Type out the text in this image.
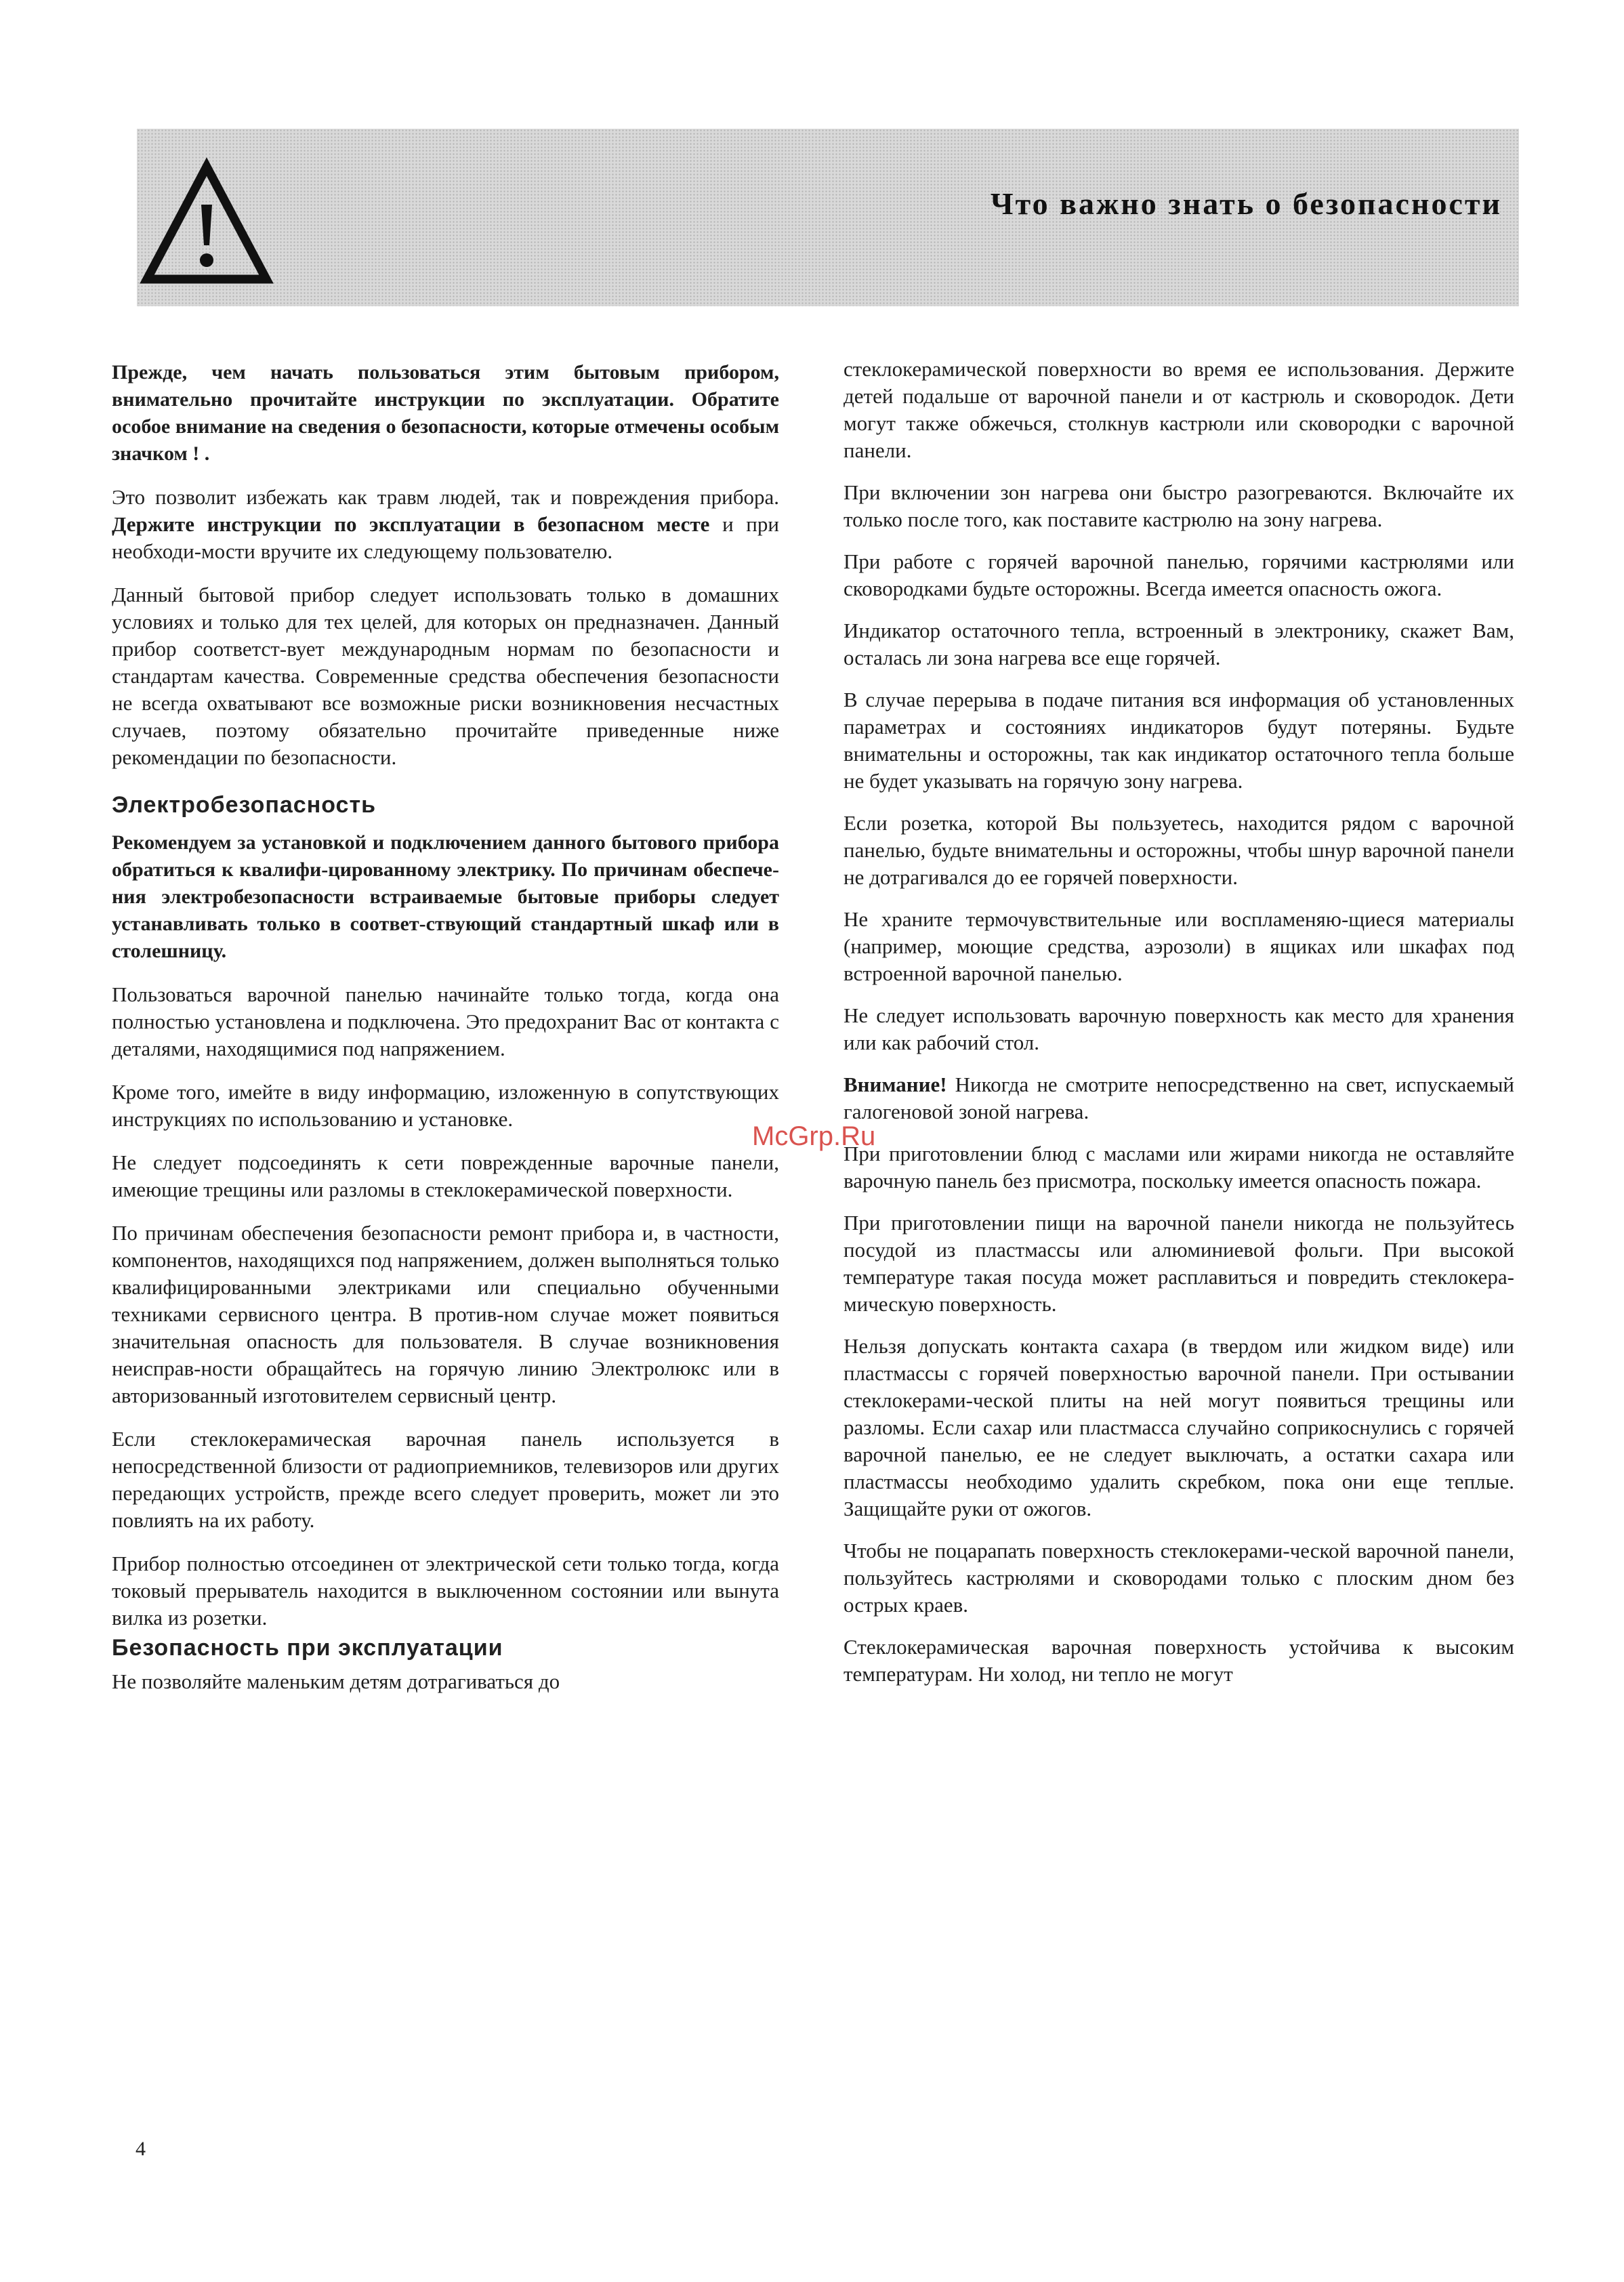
Что важно знать о безопасности

Прежде, чем начать пользоваться этим бытовым прибором, внимательно прочитайте инструкции по эксплуатации. Обратите особое внимание на сведения о безопасности, которые отмечены особым значком ! .

Это позволит избежать как травм людей, так и повреждения прибора. Держите инструкции по эксплуатации в безопасном месте и при необходи-мости вручите их следующему пользователю.

Данный бытовой прибор следует использовать только в домашних условиях и только для тех целей, для которых он предназначен. Данный прибор соответст-вует международным нормам по безопасности и стандартам качества. Современные средства обеспечения безопасности не всегда охватывают все возможные риски возникновения несчастных случаев, поэтому обязательно прочитайте приведенные ниже рекомендации по безопасности.

Электробезопасность

Рекомендуем за установкой и подключением данного бытового прибора обратиться к квалифи-цированному электрику. По причинам обеспече-ния электробезопасности встраиваемые бытовые приборы следует устанавливать только в соответ-ствующий стандартный шкаф или в столешницу.

Пользоваться варочной панелью начинайте только тогда, когда она полностью установлена и подключена. Это предохранит Вас от контакта с деталями, находящимися под напряжением.

Кроме того, имейте в виду информацию, изложенную в сопутствующих инструкциях по использованию и установке.

Не следует подсоединять к сети поврежденные варочные панели, имеющие трещины или разломы в стеклокерамической поверхности.

По причинам обеспечения безопасности ремонт прибора и, в частности, компонентов, находящихся под напряжением, должен выполняться только квалифицированными электриками или специально обученными техниками сервисного центра. В против-ном случае может появиться значительная опасность для пользователя. В случае возникновения неисправ-ности обращайтесь на горячую линию Электролюкс или в авторизованный изготовителем сервисный центр.

Если стеклокерамическая варочная панель используется в непосредственной близости от радиоприемников, телевизоров или других передающих устройств, прежде всего следует проверить, может ли это повлиять на их работу.

Прибор полностью отсоединен от электрической сети только тогда, когда токовый прерыватель находится в выключенном состоянии или вынута вилка из розетки.

Безопасность при эксплуатации

Не позволяйте маленьким детям дотрагиваться до

стеклокерамической поверхности во время ее использования. Держите детей подальше от варочной панели и от кастрюль и сковородок. Дети могут также обжечься, столкнув кастрюли или сковородки с варочной панели.

При включении зон нагрева они быстро разогреваются. Включайте их только после того, как поставите кастрюлю на зону нагрева.

При работе с горячей варочной панелью, горячими кастрюлями или сковородками будьте осторожны. Всегда имеется опасность ожога.

Индикатор остаточного тепла, встроенный в электронику, скажет Вам, осталась ли зона нагрева все еще горячей.

В случае перерыва в подаче питания вся информация об установленных параметрах и состояниях индикаторов будут потеряны. Будьте внимательны и осторожны, так как индикатор остаточного тепла больше не будет указывать на горячую зону нагрева.

Если розетка, которой Вы пользуетесь, находится рядом с варочной панелью, будьте внимательны и осторожны, чтобы шнур варочной панели не дотрагивался до ее горячей поверхности.

Не храните термочувствительные или воспламеняю-щиеся материалы (например, моющие средства, аэрозоли) в ящиках или шкафах под встроенной варочной панелью.

Не следует использовать варочную поверхность как место для хранения или как рабочий стол.

Внимание! Никогда не смотрите непосредственно на свет, испускаемый галогеновой зоной нагрева.

При приготовлении блюд с маслами или жирами никогда не оставляйте варочную панель без присмотра, поскольку имеется опасность пожара.

При приготовлении пищи на варочной панели никогда не пользуйтесь посудой из пластмассы или алюминиевой фольги. При высокой температуре такая посуда может расплавиться и повредить стеклокера-мическую поверхность.

Нельзя допускать контакта сахара (в твердом или жидком виде) или пластмассы с горячей поверхностью варочной панели. При остывании стеклокерами-ческой плиты на ней могут появиться трещины или разломы. Если сахар или пластмасса случайно соприкоснулись с горячей варочной панелью, ее не следует выключать, а остатки сахара или пластмассы необходимо удалить скребком, пока они еще теплые. Защищайте руки от ожогов.

Чтобы не поцарапать поверхность стеклокерами-ческой варочной панели, пользуйтесь кастрюлями и сковородами только с плоским дном без острых краев.

Стеклокерамическая варочная поверхность устойчива к высоким температурам. Ни холод, ни тепло не могут

McGrp.Ru
4
